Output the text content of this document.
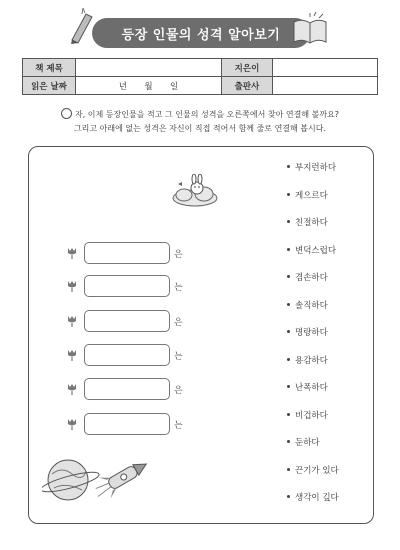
등장 인물의 성격 알아보기
책 제목		지은이	
읽은 날짜	년 월 일	출판사	
자, 이제 등장인물을 적고 그 인물의 성격을 오른쪽에서 찾아 연결해 볼까요?
그리고 아래에 없는 성격은 자신이 직접 적어서 함께 줄로 연결해 봅시다.
은
는
은
는
은
는
부지런하다
게으르다
친절하다
변덕스럽다
겸손하다
솔직하다
명랑하다
용감하다
난폭하다
비겁하다
둔하다
끈기가 있다
생각이 깊다
